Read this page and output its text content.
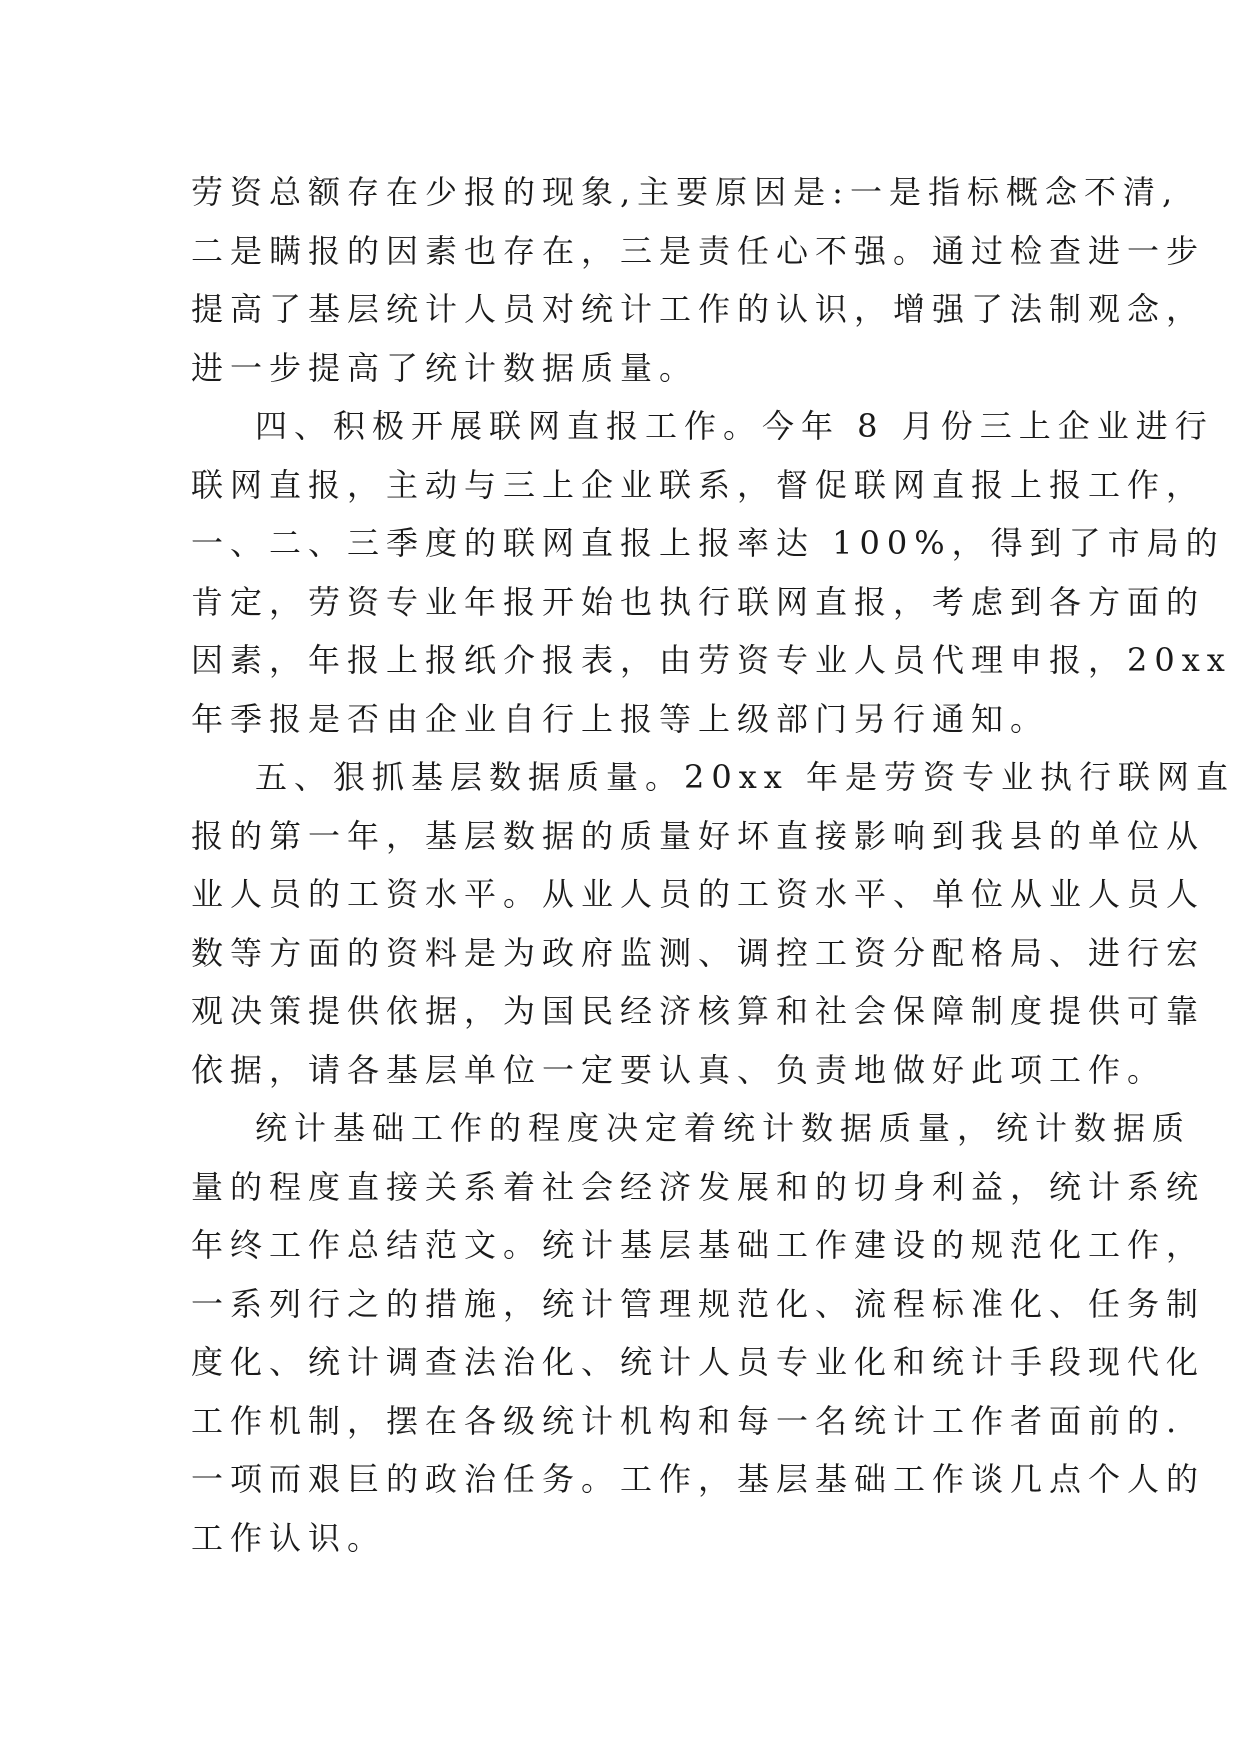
劳资总额存在少报的现象,主要原因是:一是指标概念不清,
二是瞒报的因素也存在，三是责任心不强。通过检查进一步
提高了基层统计人员对统计工作的认识，增强了法制观念，
进一步提高了统计数据质量。
四、积极开展联网直报工作。今年 8 月份三上企业进行
联网直报，主动与三上企业联系，督促联网直报上报工作，
一、二、三季度的联网直报上报率达 100%，得到了市局的
肯定，劳资专业年报开始也执行联网直报，考虑到各方面的
因素，年报上报纸介报表，由劳资专业人员代理申报，20xx
年季报是否由企业自行上报等上级部门另行通知。
五、狠抓基层数据质量。20xx 年是劳资专业执行联网直
报的第一年，基层数据的质量好坏直接影响到我县的单位从
业人员的工资水平。从业人员的工资水平、单位从业人员人
数等方面的资料是为政府监测、调控工资分配格局、进行宏
观决策提供依据，为国民经济核算和社会保障制度提供可靠
依据，请各基层单位一定要认真、负责地做好此项工作。
统计基础工作的程度决定着统计数据质量，统计数据质
量的程度直接关系着社会经济发展和的切身利益，统计系统
年终工作总结范文。统计基层基础工作建设的规范化工作，
一系列行之的措施，统计管理规范化、流程标准化、任务制
度化、统计调查法治化、统计人员专业化和统计手段现代化
工作机制，摆在各级统计机构和每一名统计工作者面前的.
一项而艰巨的政治任务。工作，基层基础工作谈几点个人的
工作认识。
